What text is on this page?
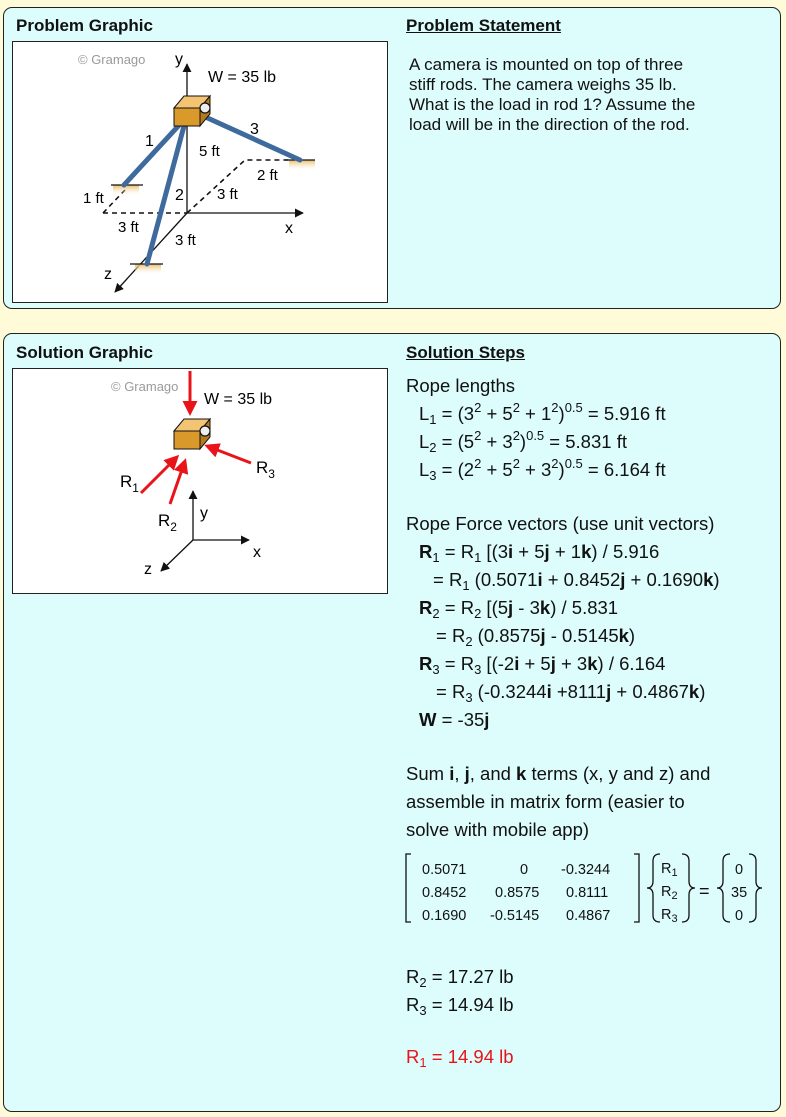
Problem Graphic	Problem Statement
© Gramago y
W = 35 lb
1
3
5 ft
2 ft
2 3 ft
1 ft
3 ft	x
3 ft
z
A camera is mounted on top of three
stiff rods. The camera weighs 35 lb.
What is the load in rod 1? Assume the
load will be in the direction of the rod.
Solution Graphic	Solution Steps
© Gramago
W = 35 lb
$R_3$
$R_1$
$R_2$
y
x
z
Rope lengths
$L_1 = (3^2 + 5^2 + 1^2)^{0.5} = 5.916$ ft
$L_2 = (5^2 + 3^2)^{0.5} = 5.831$ ft
$L_3 = (2^2 + 5^2 + 3^2)^{0.5} = 6.164$ ft
Rope Force vectors (use unit vectors)
$R_1 = R_1$ [(3i + 5j + 1k) / 5.916
= $R_1$ (0.5071i + 0.8452j + 0.1690k)
$R_2 = R_2$ [(5j - 3k) / 5.831
= $R_2$ (0.8575j - 0.5145k)
$R_3 = R_3$ [(-2i + 5j + 3k) / 6.164
= $R_3$ (-0.3244i +8111j + 0.4867k)
W = -35j
Sum i, j, and k terms (x, y and z) and
assemble in matrix form (easier to
solve with mobile app)
0.5071	0 -0.3244
0.8452 0.8575 0.8111
0.1690 -0.5145 0.4867
$R_1$
$R_2$
$R_3$
=
0
35
0
$R_2 = 17.27$ lb
$R_3 = 14.94$ lb
$R_1 = 14.94$ lb
